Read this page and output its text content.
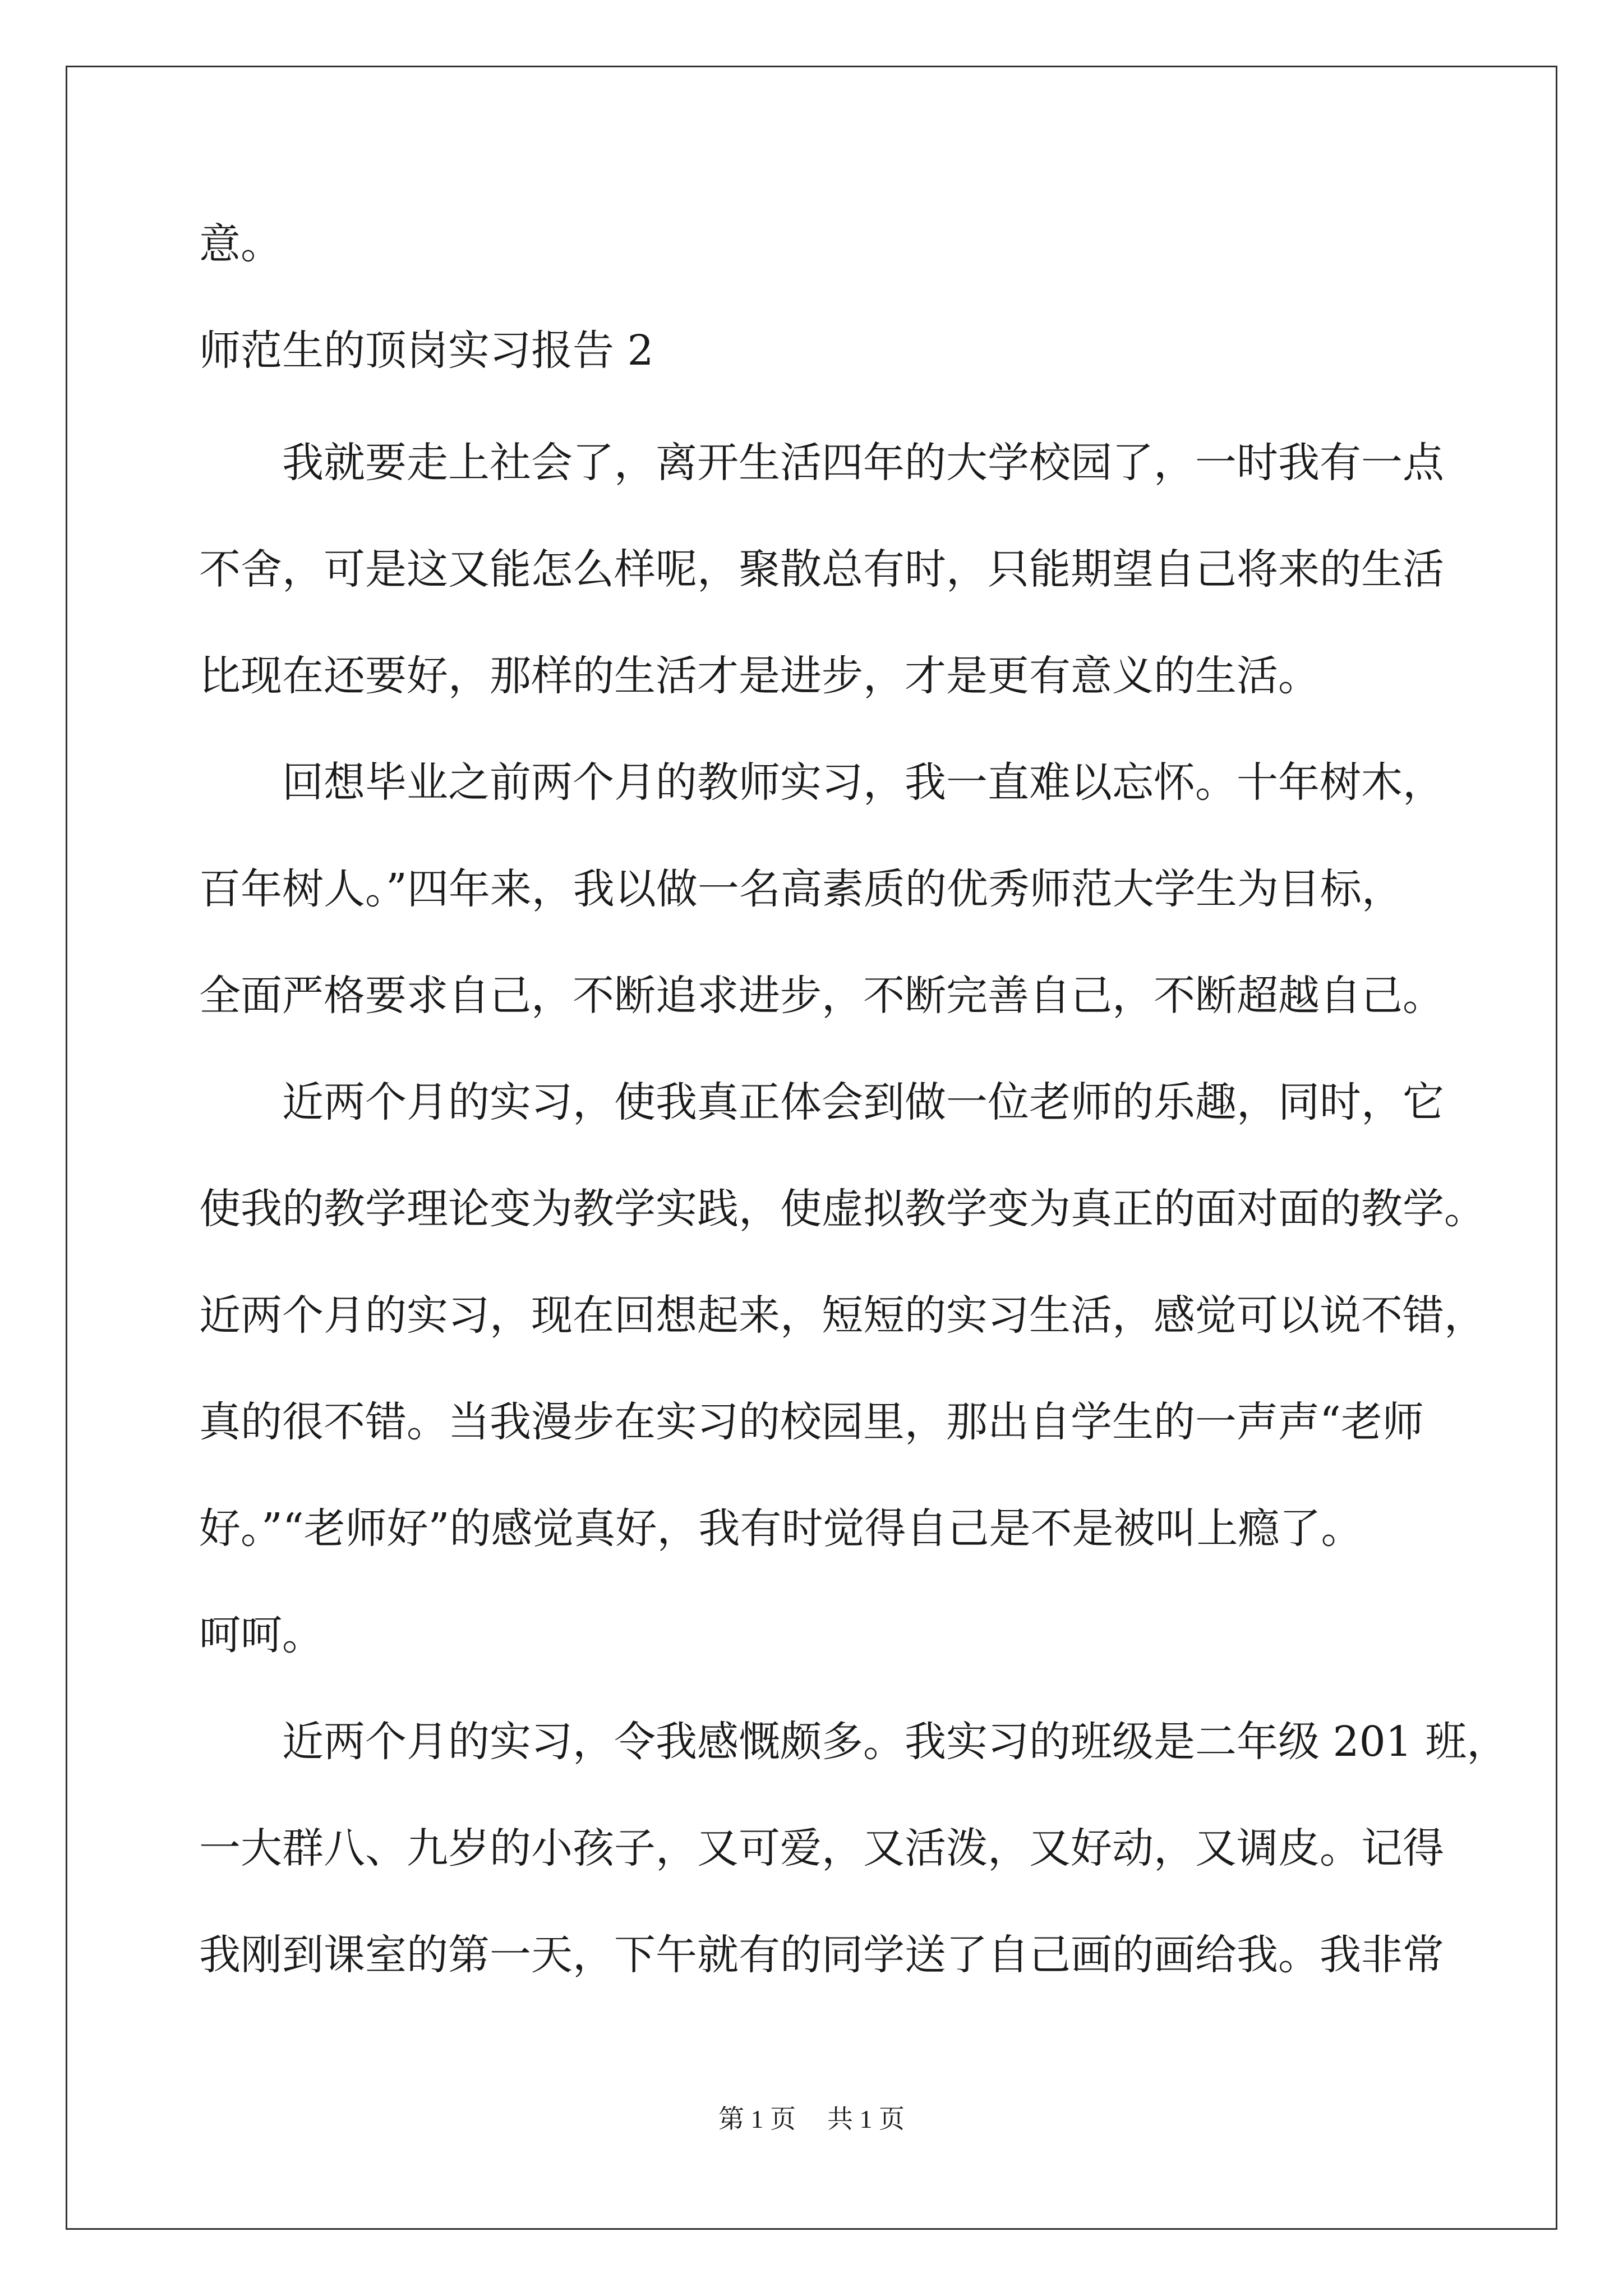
意。
师范生的顶岗实习报告 2
我就要走上社会了，离开生活四年的大学校园了，一时我有一点
不舍，可是这又能怎么样呢，聚散总有时，只能期望自己将来的生活
比现在还要好，那样的生活才是进步，才是更有意义的生活。
回想毕业之前两个月的教师实习，我一直难以忘怀。十年树木，
百年树人。”四年来，我以做一名高素质的优秀师范大学生为目标，
全面严格要求自己，不断追求进步，不断完善自己，不断超越自己。
近两个月的实习，使我真正体会到做一位老师的乐趣，同时，它
使我的教学理论变为教学实践，使虚拟教学变为真正的面对面的教学。
近两个月的实习，现在回想起来，短短的实习生活，感觉可以说不错，
真的很不错。当我漫步在实习的校园里，那出自学生的一声声“老师
好。”“老师好”的感觉真好，我有时觉得自己是不是被叫上瘾了。
呵呵。
近两个月的实习，令我感慨颇多。我实习的班级是二年级 201 班，
一大群八、九岁的小孩子，又可爱，又活泼，又好动，又调皮。记得
我刚到课室的第一天，下午就有的同学送了自己画的画给我。我非常
第 1 页 共 1 页
